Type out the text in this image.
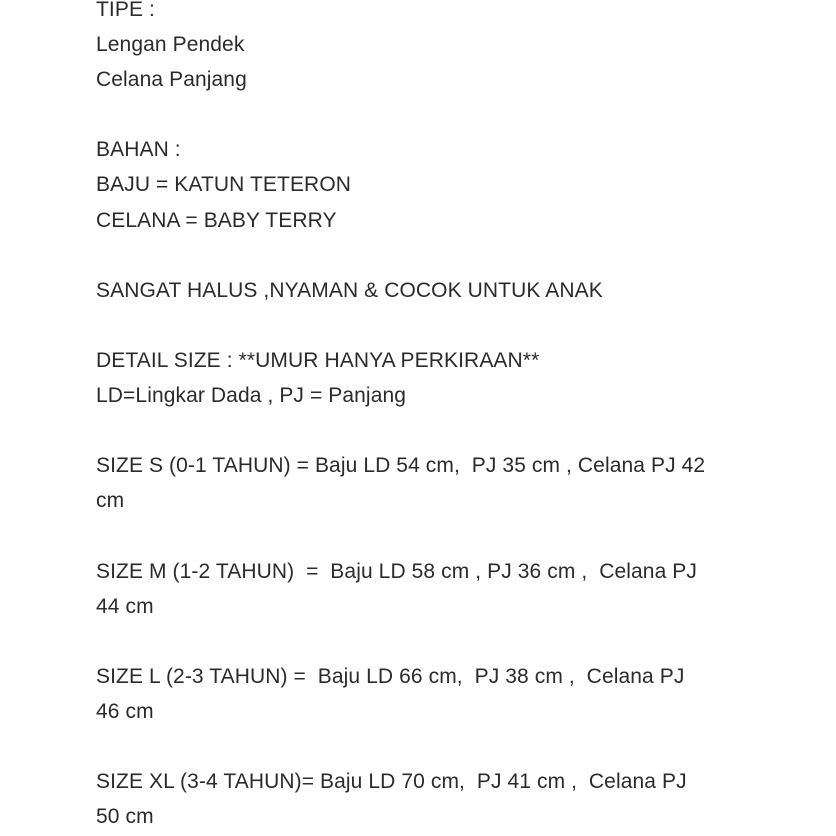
TIPE :
Lengan Pendek
Celana Panjang
BAHAN :
BAJU = KATUN TETERON
CELANA = BABY TERRY
SANGAT HALUS ,NYAMAN & COCOK UNTUK ANAK
DETAIL SIZE : **UMUR HANYA PERKIRAAN**
LD=Lingkar Dada , PJ = Panjang
SIZE S (0-1 TAHUN) = Baju LD 54 cm,  PJ 35 cm , Celana PJ 42
cm
SIZE M (1-2 TAHUN)  =  Baju LD 58 cm , PJ 36 cm ,  Celana PJ
44 cm
SIZE L (2-3 TAHUN) =  Baju LD 66 cm,  PJ 38 cm ,  Celana PJ
46 cm
SIZE XL (3-4 TAHUN)= Baju LD 70 cm,  PJ 41 cm ,  Celana PJ
50 cm
